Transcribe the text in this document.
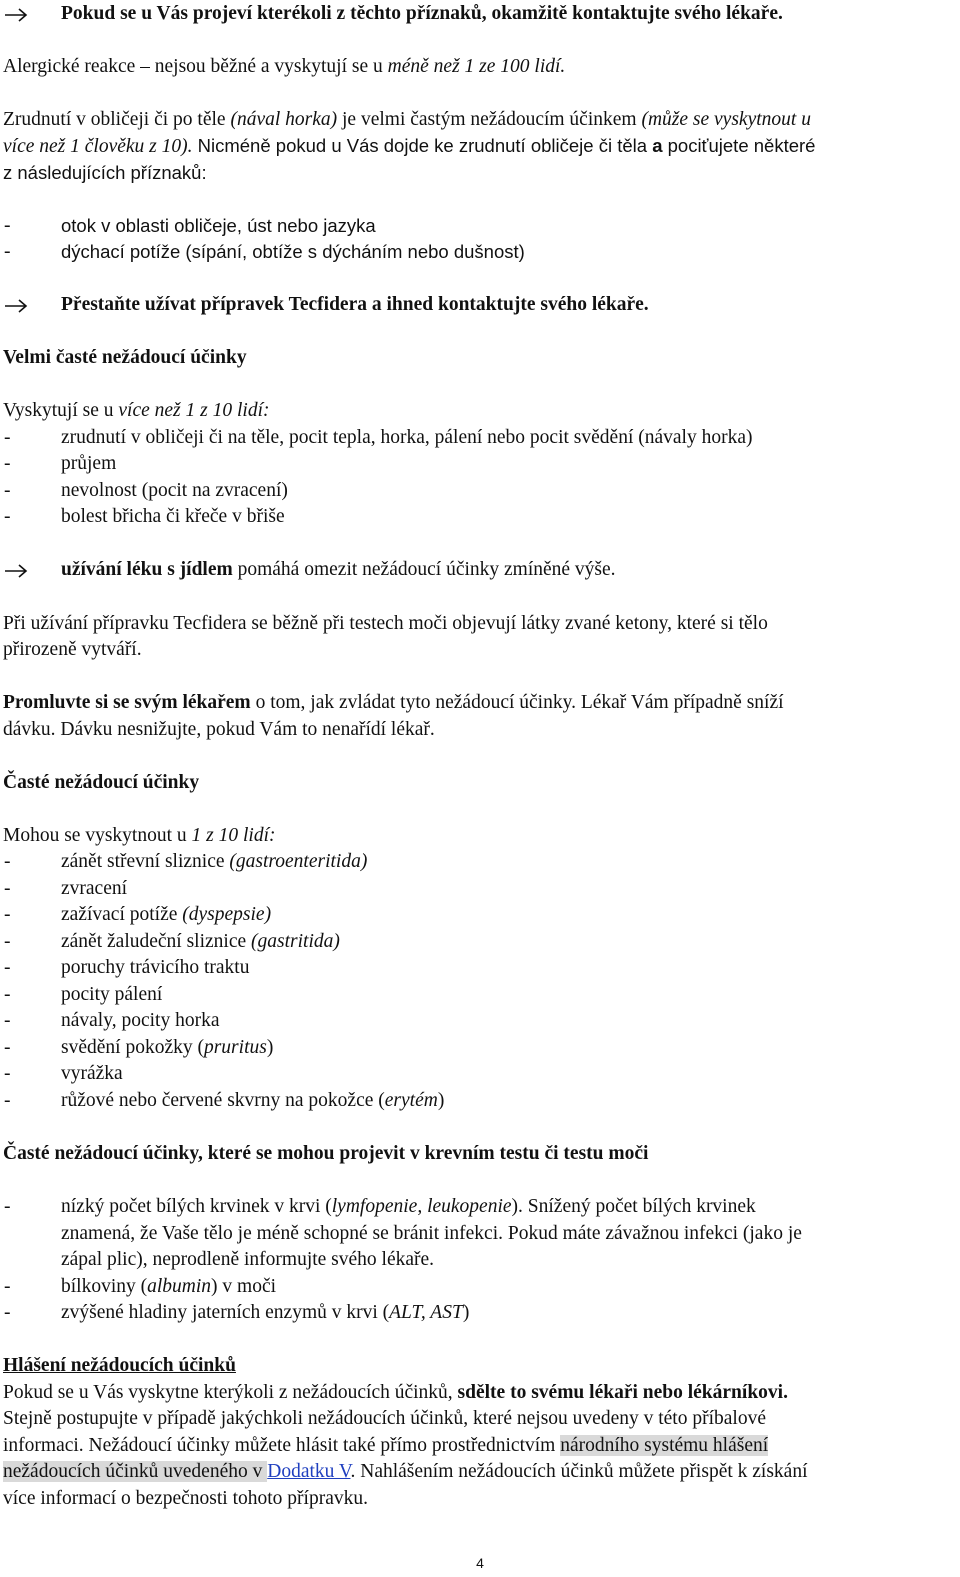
Pokud se u Vás projeví kterékoli z těchto příznaků, okamžitě kontaktujte svého lékaře.
Alergické reakce – nejsou běžné a vyskytují se u méně než 1 ze 100 lidí.
Zrudnutí v obličeji či po těle (nával horka) je velmi častým nežádoucím účinkem (může se vyskytnout u
více než 1 člověku z 10). Nicméně pokud u Vás dojde ke zrudnutí obličeje či těla a pociťujete některé
z následujících příznaků:
-	otok v oblasti obličeje, úst nebo jazyka
-	dýchací potíže (sípání, obtíže s dýcháním nebo dušnost)
Přestaňte užívat přípravek Tecfidera a ihned kontaktujte svého lékaře.
Velmi časté nežádoucí účinky
Vyskytují se u více než 1 z 10 lidí:
-	zrudnutí v obličeji či na těle, pocit tepla, horka, pálení nebo pocit svědění (návaly horka)
-	průjem
-	nevolnost (pocit na zvracení)
-	bolest břicha či křeče v břiše
užívání léku s jídlem pomáhá omezit nežádoucí účinky zmíněné výše.
Při užívání přípravku Tecfidera se běžně při testech moči objevují látky zvané ketony, které si tělo
přirozeně vytváří.
Promluvte si se svým lékařem o tom, jak zvládat tyto nežádoucí účinky. Lékař Vám případně sníží
dávku. Dávku nesnižujte, pokud Vám to nenařídí lékař.
Časté nežádoucí účinky
Mohou se vyskytnout u 1 z 10 lidí:
-	zánět střevní sliznice (gastroenteritida)
-	zvracení
-	zažívací potíže (dyspepsie)
-	zánět žaludeční sliznice (gastritida)
-	poruchy trávicího traktu
-	pocity pálení
-	návaly, pocity horka
-	svědění pokožky (pruritus)
-	vyrážka
-	růžové nebo červené skvrny na pokožce (erytém)
Časté nežádoucí účinky, které se mohou projevit v krevním testu či testu moči
-	nízký počet bílých krvinek v krvi (lymfopenie, leukopenie). Snížený počet bílých krvinek
znamená, že Vaše tělo je méně schopné se bránit infekci. Pokud máte závažnou infekci (jako je
zápal plic), neprodleně informujte svého lékaře.
-	bílkoviny (albumin) v moči
-	zvýšené hladiny jaterních enzymů v krvi (ALT, AST)
Hlášení nežádoucích účinků
Pokud se u Vás vyskytne kterýkoli z nežádoucích účinků, sdělte to svému lékaři nebo lékárníkovi.
Stejně postupujte v případě jakýchkoli nežádoucích účinků, které nejsou uvedeny v této příbalové
informaci. Nežádoucí účinky můžete hlásit také přímo prostřednictvím národního systému hlášení
nežádoucích účinků uvedeného v Dodatku V. Nahlášením nežádoucích účinků můžete přispět k získání
více informací o bezpečnosti tohoto přípravku.
4
